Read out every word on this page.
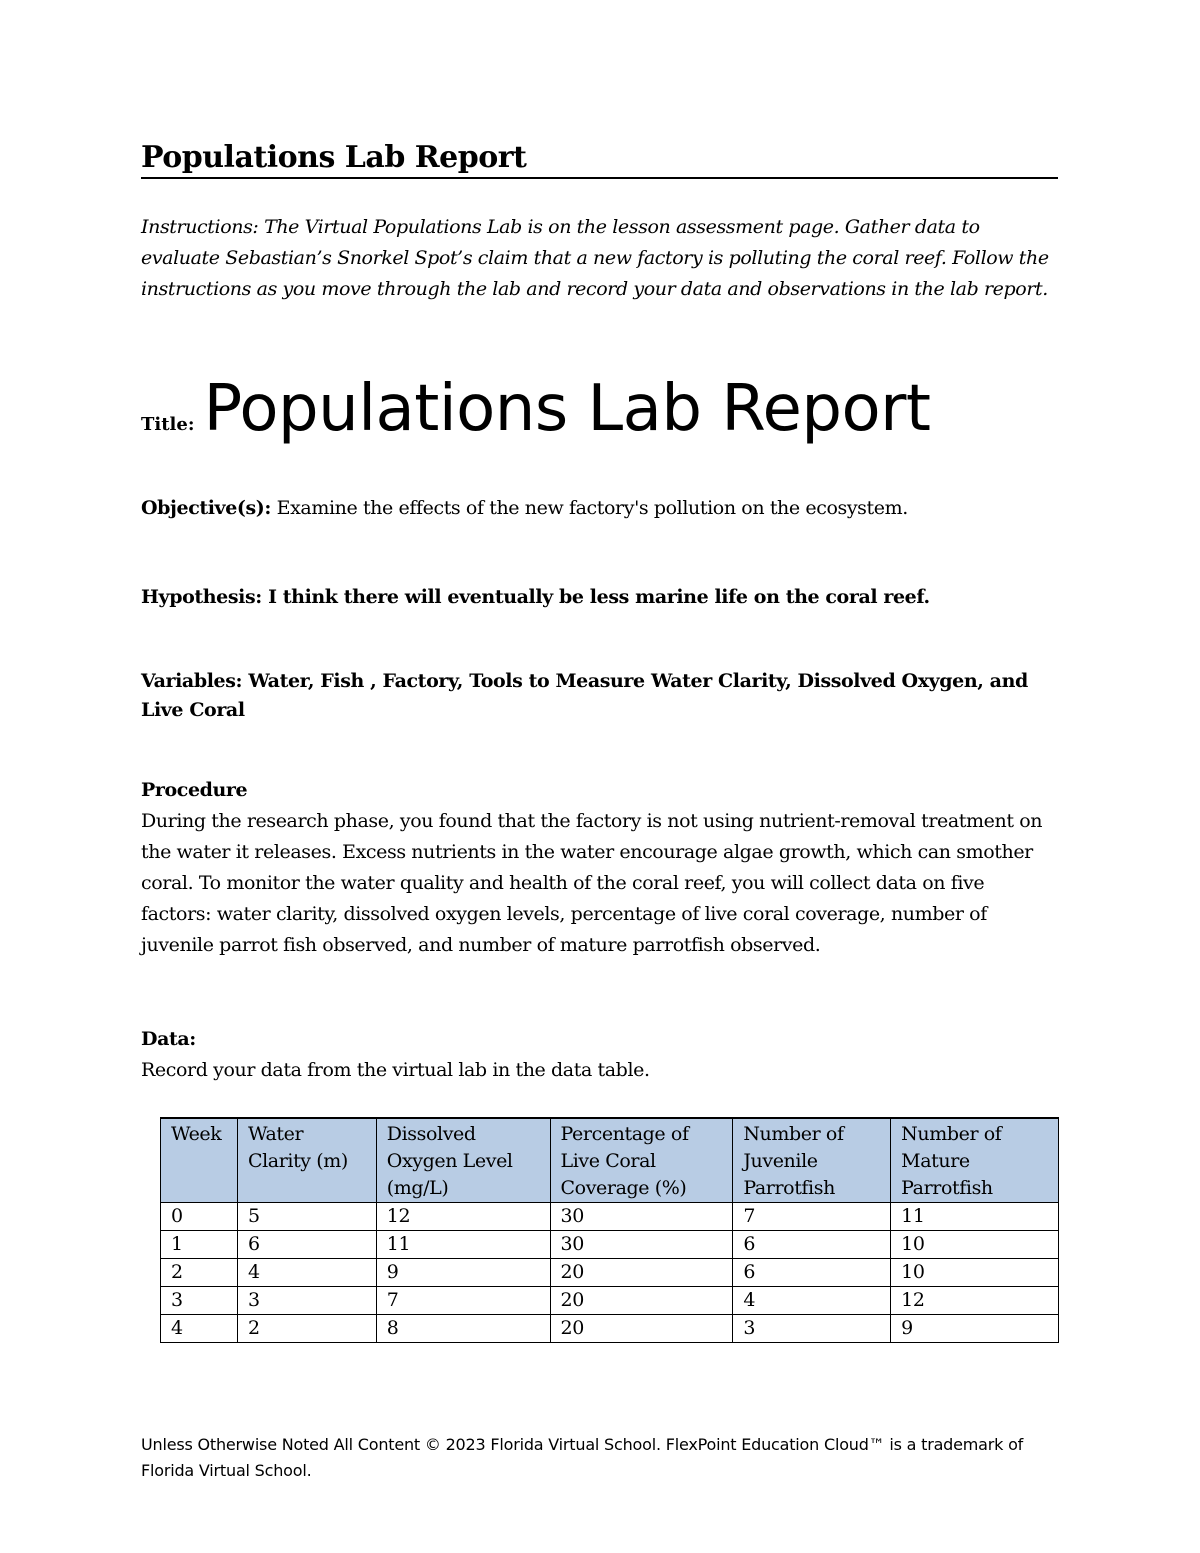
Populations Lab Report
Instructions: The Virtual Populations Lab is on the lesson assessment page. Gather data to evaluate Sebastian’s Snorkel Spot’s claim that a new factory is polluting the coral reef. Follow the instructions as you move through the lab and record your data and observations in the lab report.
Title: Populations Lab Report
Objective(s): Examine the effects of the new factory's pollution on the ecosystem.
Hypothesis: I think there will eventually be less marine life on the coral reef.
Variables: Water, Fish , Factory, Tools to Measure Water Clarity, Dissolved Oxygen, and Live Coral
Procedure
During the research phase, you found that the factory is not using nutrient-removal treatment on the water it releases. Excess nutrients in the water encourage algae growth, which can smother coral. To monitor the water quality and health of the coral reef, you will collect data on five factors: water clarity, dissolved oxygen levels, percentage of live coral coverage, number of juvenile parrot fish observed, and number of mature parrotfish observed.
Data:
Record your data from the virtual lab in the data table.
Week	Water Clarity (m)	Dissolved Oxygen Level (mg/L)	Percentage of Live Coral Coverage (%)	Number of Juvenile Parrotfish	Number of Mature Parrotfish
0	5	12	30	7	11
1	6	11	30	6	10
2	4	9	20	6	10
3	3	7	20	4	12
4	2	8	20	3	9
Unless Otherwise Noted All Content © 2023 Florida Virtual School. FlexPoint Education Cloud™ is a trademark of Florida Virtual School.
